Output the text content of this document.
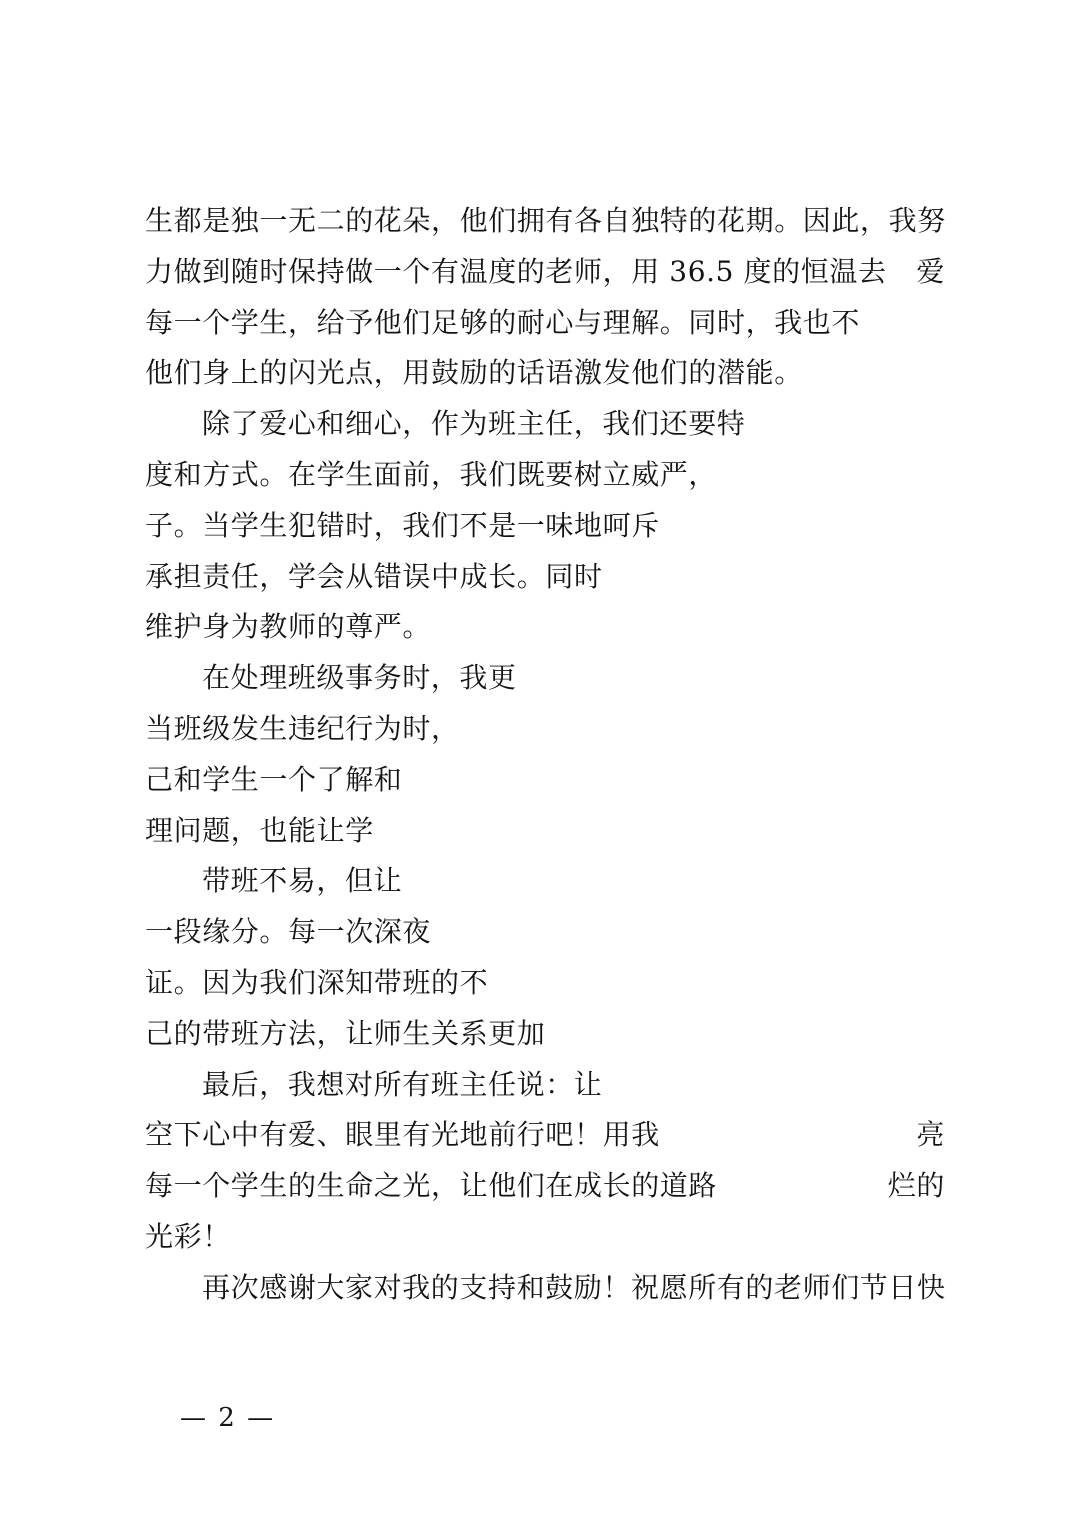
生都是独一无二的花朵，他们拥有各自独特的花期。因此，我努
力做到随时保持做一个有温度的老师，用 36.5 度的恒温去 爱
每一个学生，给予他们足够的耐心与理解。同时，我也不
他们身上的闪光点，用鼓励的话语激发他们的潜能。
除了爱心和细心，作为班主任，我们还要特
度和方式。在学生面前，我们既要树立威严，
子。当学生犯错时，我们不是一味地呵斥
承担责任，学会从错误中成长。同时
维护身为教师的尊严。
在处理班级事务时，我更
当班级发生违纪行为时，
己和学生一个了解和
理问题，也能让学
带班不易，但让
一段缘分。每一次深夜
证。因为我们深知带班的不
己的带班方法，让师生关系更加
最后，我想对所有班主任说：让
空下心中有爱、眼里有光地前行吧！用我	亮
每一个学生的生命之光，让他们在成长的道路	烂的
光彩！
再次感谢大家对我的支持和鼓励！祝愿所有的老师们节日快
— 2 —
